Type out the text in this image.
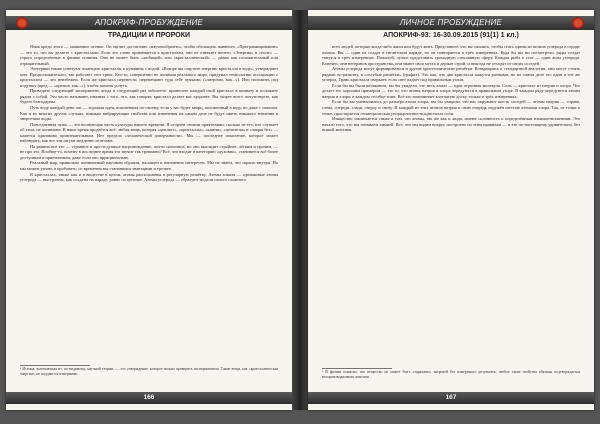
АПОКРИФ-ПРОБУЖДЕНИЕ
ТРАДИЦИИ И ПРОРОКИ

Язык кредо этого — машинное чтение. Он звучит достаточно «научнообразно», чтобы обольщать наивного. «Программирование» — это то, что вы делаете с кристаллами. Если это слово применяется к кристаллам, оно не означает ничего. «Энергия» и «поле» — строго определённые в физике понятия. Она не может быть «любящей» или «кристаллической» — равно как положительный или отрицательный.

Эзотерики также советуют помещать кристаллы в кувшины с водой. «Вскоре вы ощутите энергию кристалла в воде», утверждают они. Предположительно, так работает этот трюк. Кто-то, совершенно не понимая реального мира, придумал технологию ассоциации с кристаллом — это неизбежно. Если же кристалл перенести, перемещают туда себе пучками. («энергию, как...»). Или положить под подушку (вред — «кремов, как...»), чтобы помочь уснуть.

Проведите следующий эксперимент, когда в следующий раз заболеете: принесите каждый свой кристалл в комнату и положите рядом с собой. Это часто называют, начиная с того, что, как говорят, кристалл делает вас здоровее. Вы скорее всего почувствуете, как будете благодарны.

Путь воду каждый день час — хорошая идея, вскипевшая по-своему, если у вас будет кварц, положенный в воду, но даже с запахом. Как и во многих других случаях, никакие вибрирующие свойства или изменения на самом деле не будут иметь никакого значения в энергетике воды.

Повседневная чушь — это волнующая часть культуры нашего времени. Я огорчён своими приятелями, сколько из тех, кто слушает об этом, не понимают. В наше время продаётся всё: любая вещь, которая «цепляет», «кристаллы», «камни», «целители» и «чакры без» — кажется одинаково привлекательным. Нет предела «человеческой доверчивости». Мы — последнее поколение, которое может наблюдать, как все эти штуки медленно исчезают.

На ранних всё это — странное и простодушное нагромождение, почти сказочное, но оно выглядит стройнее, лёгким и прочим, — не про это. Вообще-то, почему в последнее время это звучит так тревожно? Всё, что входит в категорию «духовно», становится всё более доступным и приемлемым, даже если оно иррационально.

Реальный мир, правильно понимаемый научным образом, насыщен и неизменно интересен. Мы не знаем, что скрыто внутри. Но мы можем узнать и пробовать; со временем мы становимся знающими и трезвее.

В кристаллах, также как и в веществе в целом, атомы расположены в регулярную решётку. Атомы алмаза — одинаковые атомы углерода — выстроены, как солдаты на параде, равно по цепочке. Атомы углерода — образуют модели самого сложного.

¹ Истина, вытекающая из, по-видимому, научной теории, — это утверждение, которое можно проверить экспериментом. Такие вещи, как «кристаллическая энергия», не поддаются измерению.
166
ЛИЧНОЕ ПРОБУЖДЕНИЕ
АПОКРИФ-93: 16-30.09.2015 (91(1) 1 кл.)

всех людей, которые когда-либо жили или будут жить. Представьте, что вы сжались, чтобы стать одним из атомов углерода в сердце алмаза. Вы — один из солдат в гигантском параде, но он повторяется в трёх измерениях. Куда бы вы ни посмотрели, ряды солдат тянутся в трёх измерениях. Пожалуй, лучше представить громадную стеклянную сферу. Каждая рыба в стае — один атом углерода. Конечно, они ветеранов пространства, они знают свои места и держат строй, и никогда не отходят от своих соседей.

Атомы углерода могут формироваться и другие кристаллические решётки. Возвращаясь к стандартной аналогии, они могут стоять рядами по-разному, в «голубые решётки» (графит). Это как, что два кристалла кажутся разными, но на самом деле это один и тот же углерод. Грань кристалла сверкает, если свет падает под правильным углом.

Если бы вы были великаном, вы бы увидели, что весь алмаз — одна огромная молекула. Соль — кристалл из натрия и хлора. Что делает его хорошим примером — это то, что атомы натрия и хлора чередуются в правильном узоре. В каждом ряду чередуются атомы натрия и хлора; в каждом столбце тоже. Всё это напоминает клетчатую доску, только в трёх измерениях.

Если бы вы уменьшились до размера атома хлора, вы бы увидели, что вас окружают шесть соседей — атомы натрия — справа, слева, спереди, сзади, сверху и снизу. И каждый из этих атомов натрия в свою очередь окружён шестью атомами хлора. Так, от точки к точке, простирается геометрическая упорядоченность кристалла соли.

Изящество заключается также в том, что атомы, так же как и люди, имеют склонность к определённым взаимоотношениям. Это начало того, что мы называем химией. Всё, что мы видим вокруг, построено по этим правилам — и это по-настоящему удивительно, без всякой мистики.

² В физике понятно, что вещество не может быть «заряжено» энергией без измеримого результата; любые такие свойства обязаны подтверждаться воспроизводимыми опытами.
167
